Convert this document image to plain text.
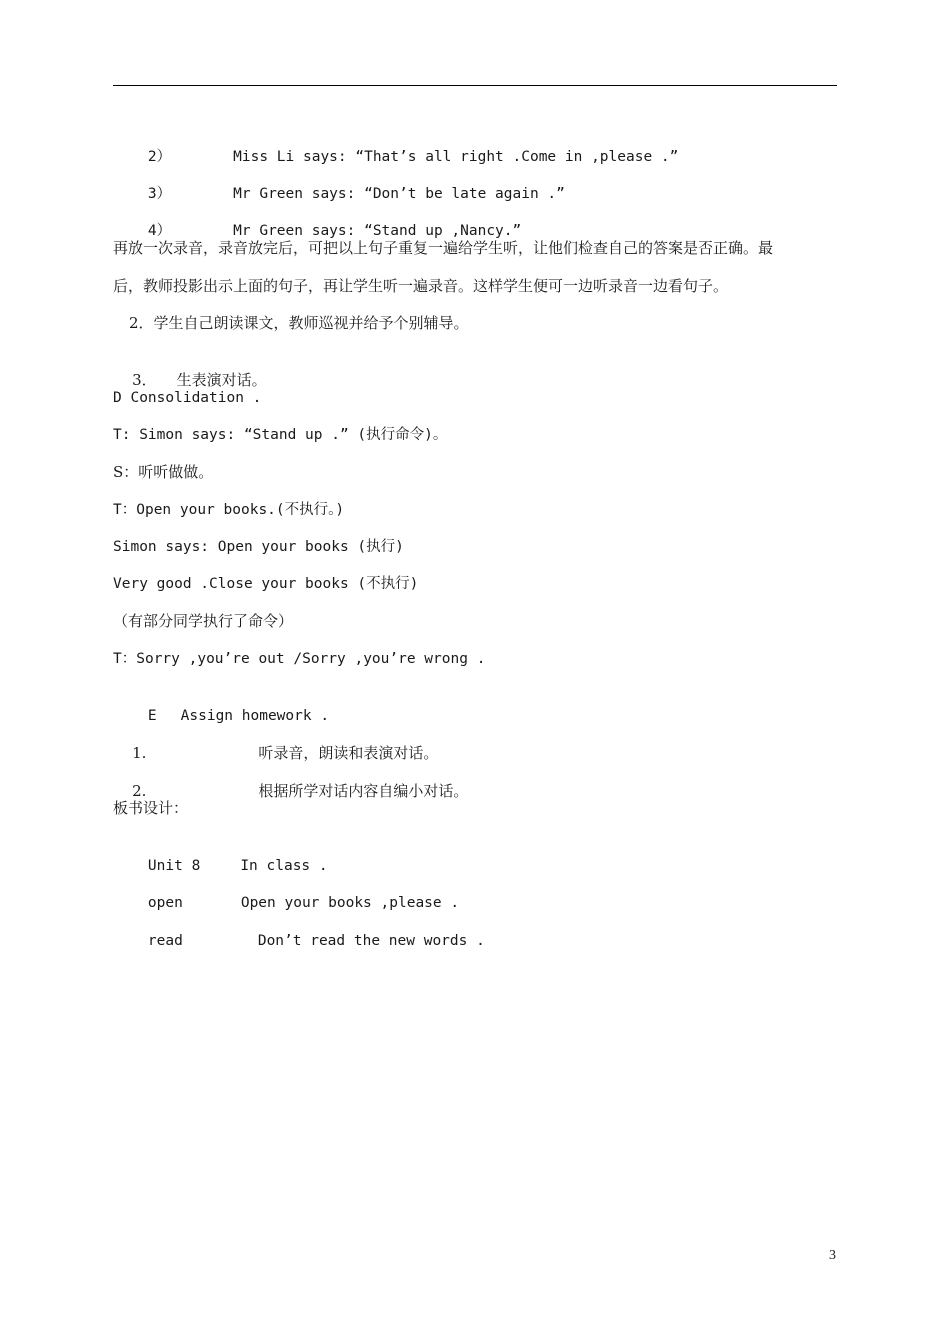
2）	Miss Li says: “That’s all right .Come in ,please .”

3）	Mr Green says: “Don’t be late again .”

4）	Mr Green says: “Stand up ,Nancy.”

再放一次录音，录音放完后，可把以上句子重复一遍给学生听，让他们检查自己的答案是否正确。最
后，教师投影出示上面的句子，再让学生听一遍录音。这样学生便可一边听录音一边看句子。
2．学生自己朗读课文，教师巡视并给予个别辅导。

3． 生表演对话。

D Consolidation .
T: Simon says: “Stand up .” (执行命令)。
S：听听做做。
T：Open your books.(不执行。)
Simon says: Open your books (执行)
Very good .Close your books (不执行)
（有部分同学执行了命令）
T：Sorry ,you’re out /Sorry ,you’re wrong .

E Assign homework .

1.	听录音，朗读和表演对话。

2.	根据所学对话内容自编小对话。

板书设计：

Unit 8	In class .

open	Open your books ,please .

read	Don’t read the new words .

3
